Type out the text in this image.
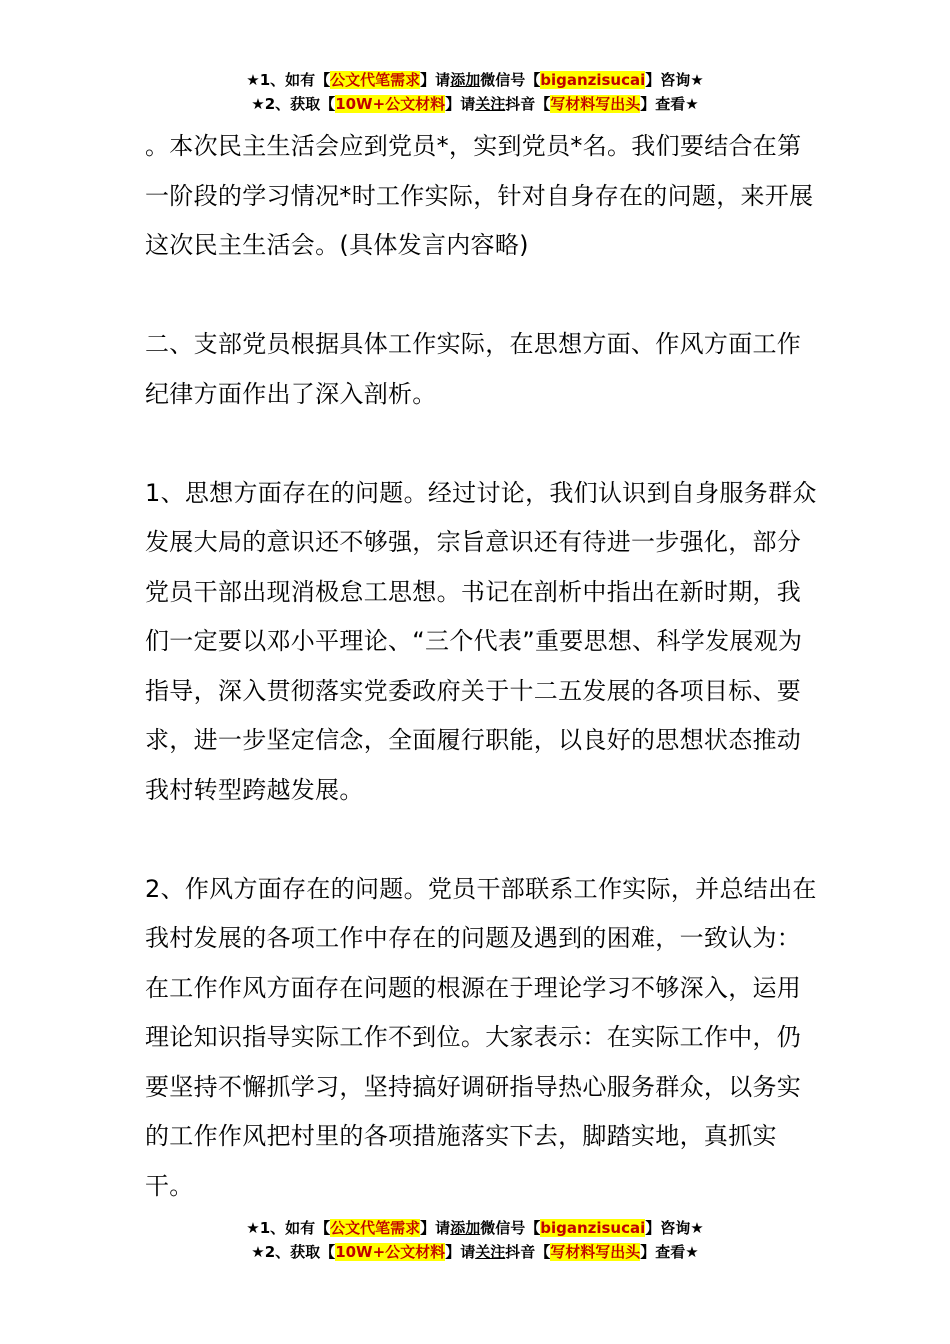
★1、如有【公文代笔需求】请添加微信号【biganzisucai】咨询★
★2、获取【10W+公文材料】请关注抖音【写材料写出头】查看★

。本次民主生活会应到党员*，实到党员*名。我们要结合在第一阶段的学习情况*时工作实际，针对自身存在的问题，来开展这次民主生活会。(具体发言内容略)

二、支部党员根据具体工作实际，在思想方面、作风方面工作纪律方面作出了深入剖析。

1、思想方面存在的问题。经过讨论，我们认识到自身服务群众发展大局的意识还不够强，宗旨意识还有待进一步强化，部分党员干部出现消极怠工思想。书记在剖析中指出在新时期，我们一定要以邓小平理论、“三个代表”重要思想、科学发展观为指导，深入贯彻落实党委政府关于十二五发展的各项目标、要求，进一步坚定信念，全面履行职能，以良好的思想状态推动我村转型跨越发展。

2、作风方面存在的问题。党员干部联系工作实际，并总结出在我村发展的各项工作中存在的问题及遇到的困难，一致认为：在工作作风方面存在问题的根源在于理论学习不够深入，运用理论知识指导实际工作不到位。大家表示：在实际工作中，仍要坚持不懈抓学习，坚持搞好调研指导热心服务群众，以务实的工作作风把村里的各项措施落实下去，脚踏实地，真抓实干。

★1、如有【公文代笔需求】请添加微信号【biganzisucai】咨询★
★2、获取【10W+公文材料】请关注抖音【写材料写出头】查看★
